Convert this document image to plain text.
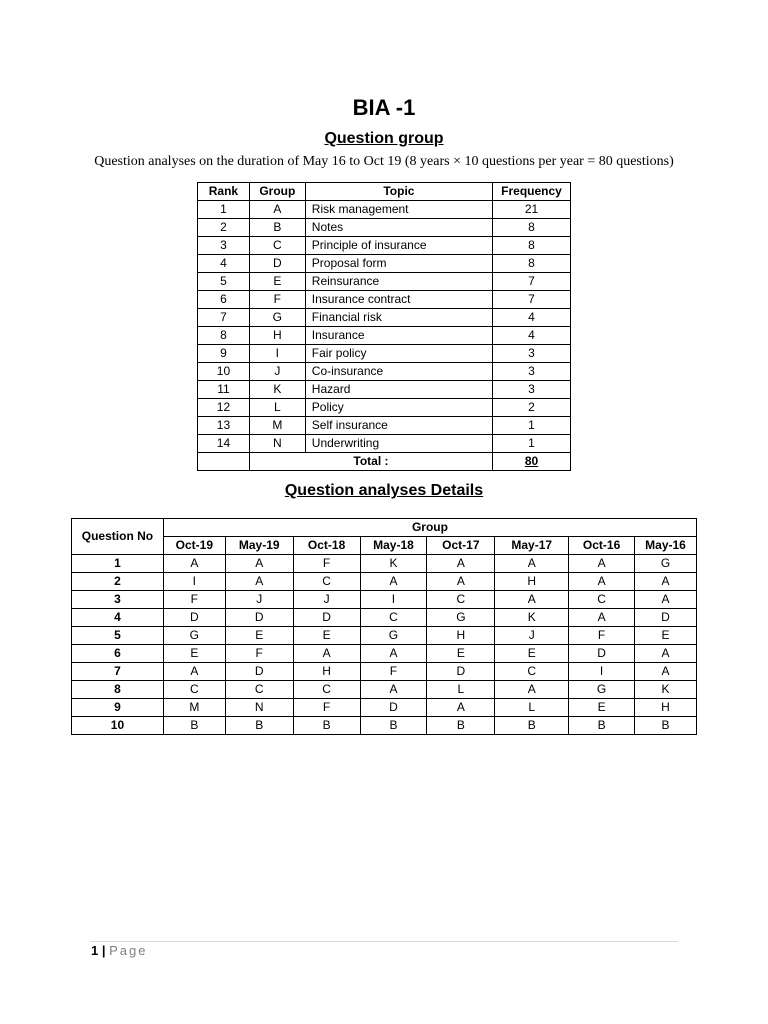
BIA -1
Question group
Question analyses on the duration of May 16 to Oct 19 (8 years × 10 questions per year = 80 questions)
Rank	Group	Topic	Frequency
1	A	Risk management	21
2	B	Notes	8
3	C	Principle of insurance	8
4	D	Proposal form	8
5	E	Reinsurance	7
6	F	Insurance contract	7
7	G	Financial risk	4
8	H	Insurance	4
9	I	Fair policy	3
10	J	Co-insurance	3
11	K	Hazard	3
12	L	Policy	2
13	M	Self insurance	1
14	N	Underwriting	1
	Total :		80
Question analyses Details
Question No	Group							
	Oct-19	May-19	Oct-18	May-18	Oct-17	May-17	Oct-16	May-16
1	A	A	F	K	A	A	A	G
2	I	A	C	A	A	H	A	A
3	F	J	J	I	C	A	C	A
4	D	D	D	C	G	K	A	D
5	G	E	E	G	H	J	F	E
6	E	F	A	A	E	E	D	A
7	A	D	H	F	D	C	I	A
8	C	C	C	A	L	A	G	K
9	M	N	F	D	A	L	E	H
10	B	B	B	B	B	B	B	B
1 | Page
